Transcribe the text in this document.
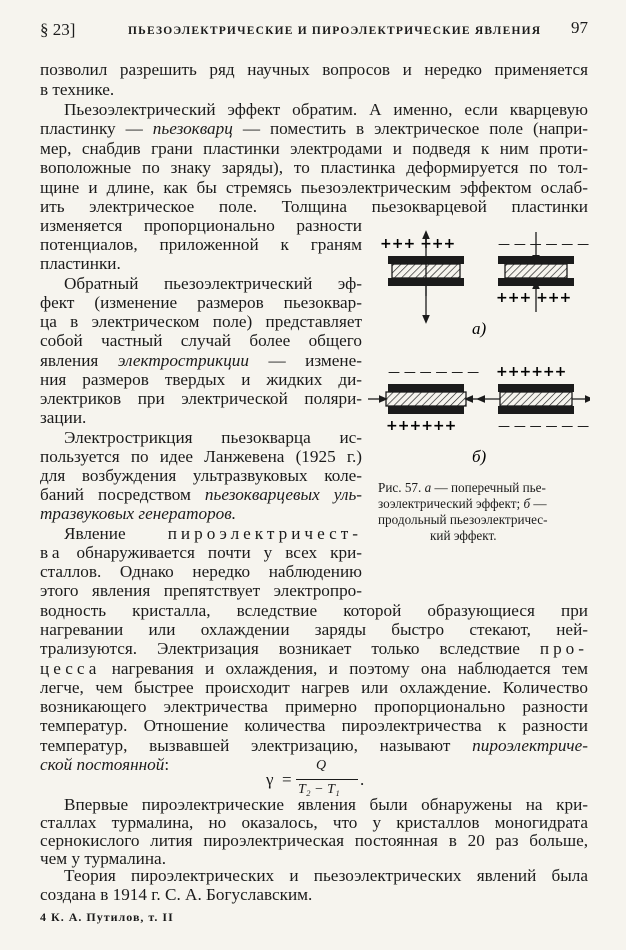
§ 23]	ПЬЕЗОЭЛЕКТРИЧЕСКИЕ И ПИРОЭЛЕКТРИЧЕСКИЕ ЯВЛЕНИЯ 97
позволил разрешить ряд научных вопросов и нередко применяется
в технике.
Пьезоэлектрический эффект обратим. А именно, если кварцевую
пластинку — пьезокварц — поместить в электрическое поле (напри-
мер, снабдив грани пластинки электродами и подведя к ним проти-
воположные по знаку заряды), то пластинка деформируется по тол-
щине и длине, как бы стремясь пьезоэлектрическим эффектом ослаб-
ить электрическое поле. Толщина пьезокварцевой пластинки
изменяется пропорционально разности
потенциалов, приложенной к граням
пластинки.
Обратный пьезоэлектрический эф-
фект (изменение размеров пьезоквар-
ца в электрическом поле) представляет
собой частный случай более общего
явления электрострикции — измене-
ния размеров твердых и жидких ди-
электриков при электрической поляри-
зации.
Электрострикция пьезокварца ис-
пользуется по идее Ланжевена (1925 г.)
для возбуждения ультразвуковых коле-
баний посредством пьезокварцевых уль-
тразвуковых генераторов.
Явление пироэлектричест-
ва обнаруживается почти у всех кри-
сталлов. Однако нередко наблюдению
этого явления препятствует электропро-
водность кристалла, вследствие которой образующиеся при
нагревании или охлаждении заряды быстро стекают, ней-
трализуются. Электризация возникает только вследствие про-
цесса нагревания и охлаждения, и поэтому она наблюдается тем
легче, чем быстрее происходит нагрев или охлаждение. Количество
возникающего электричества примерно пропорционально разности
температур. Отношение количества пироэлектричества к разности
температур, вызвавшей электризацию, называют пироэлектриче-
ской постоянной:
γ =
Q
T₂ − T₁
.
Впервые пироэлектрические явления были обнаружены на кри-
сталлах турмалина, но оказалось, что у кристаллов моногидрата
сернокислого лития пироэлектрическая постоянная в 20 раз больше,
чем у турмалина.
+++ +++	— — — — — —
+++ +++
а)
— — — — — —
++++++
++++++
— — — — — —
б)
Рис. 57. а — поперечный пье-
зоэлектрический эффект; б —
продольный пьезоэлектричес-
кий эффект.
4 К. А. Путилов, т. II
Теория пироэлектрических и пьезоэлектрических явлений была
создана в 1914 г. С. А. Богуславским.
